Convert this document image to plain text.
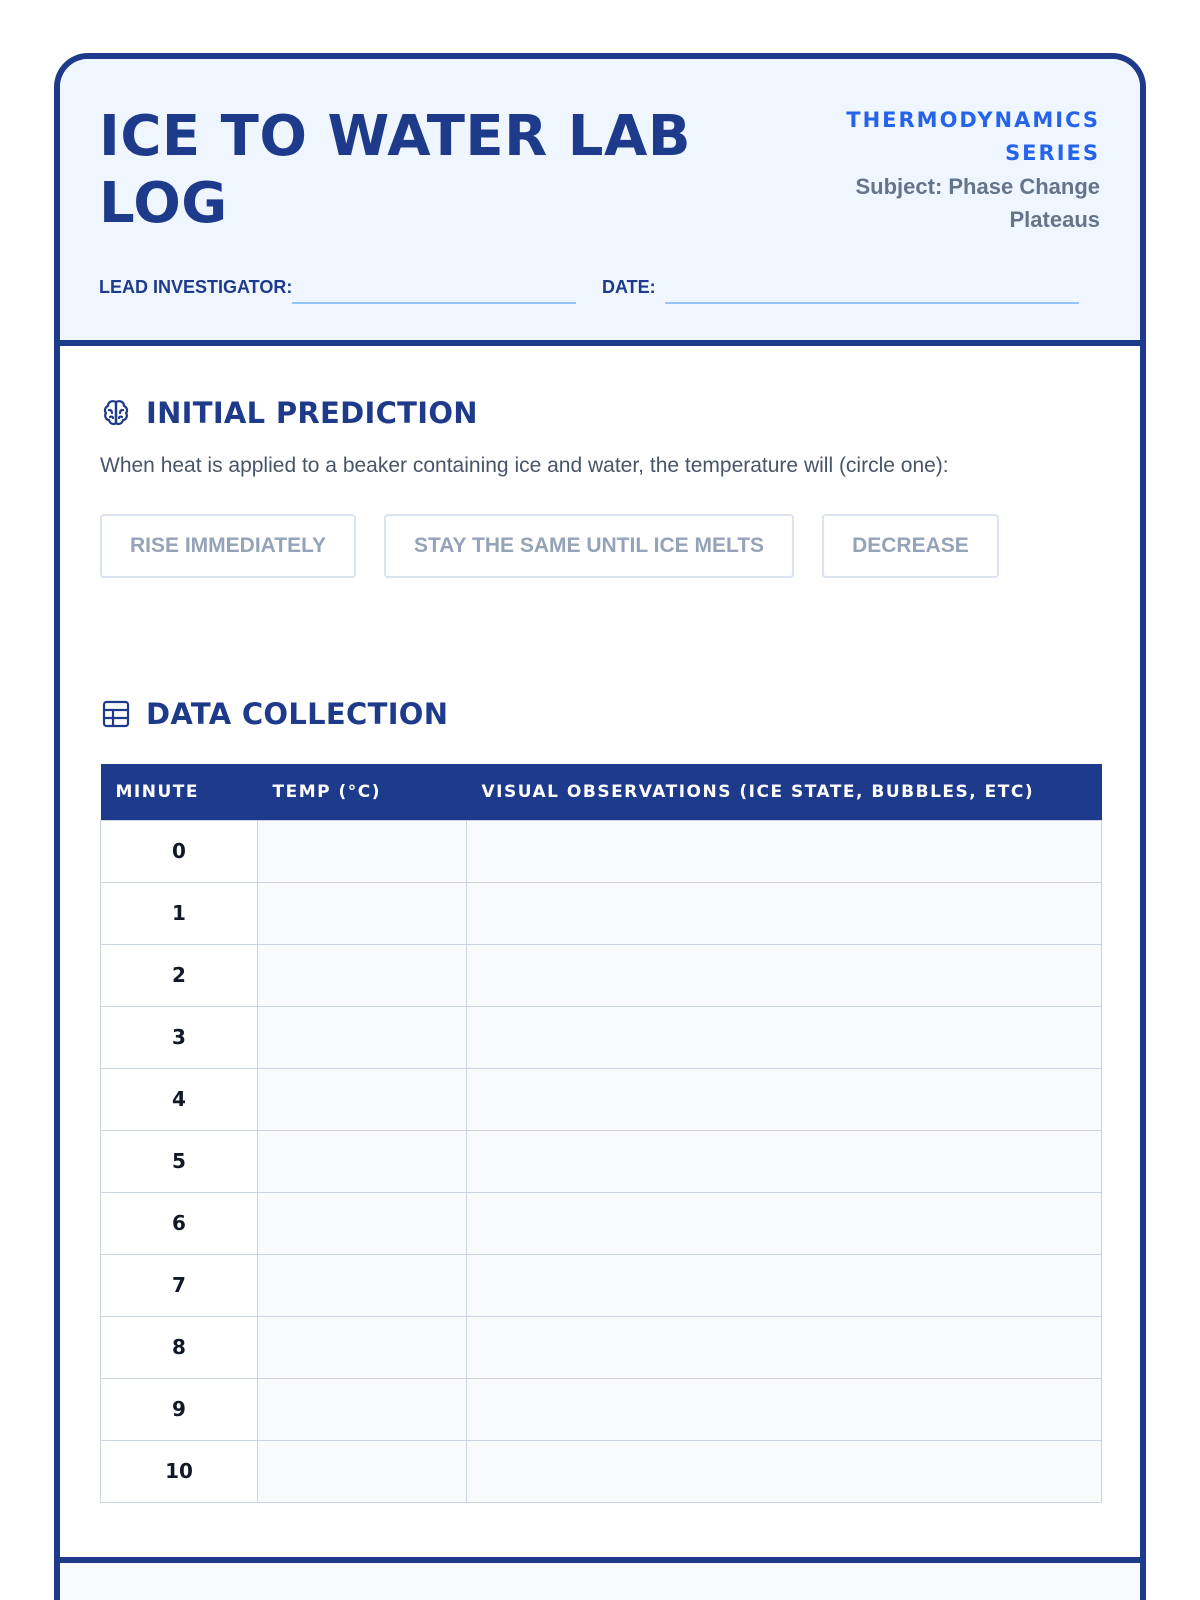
ICE TO WATER LAB LOG
THERMODYNAMICS SERIES
Subject: Phase Change Plateaus
LEAD INVESTIGATOR:	DATE:
INITIAL PREDICTION
When heat is applied to a beaker containing ice and water, the temperature will (circle one):
RISE IMMEDIATELY	STAY THE SAME UNTIL ICE MELTS	DECREASE
DATA COLLECTION
MINUTE	TEMP (°C)	VISUAL OBSERVATIONS (ICE STATE, BUBBLES, ETC)
0		
1		
2		
3		
4		
5		
6		
7		
8		
9		
10		
